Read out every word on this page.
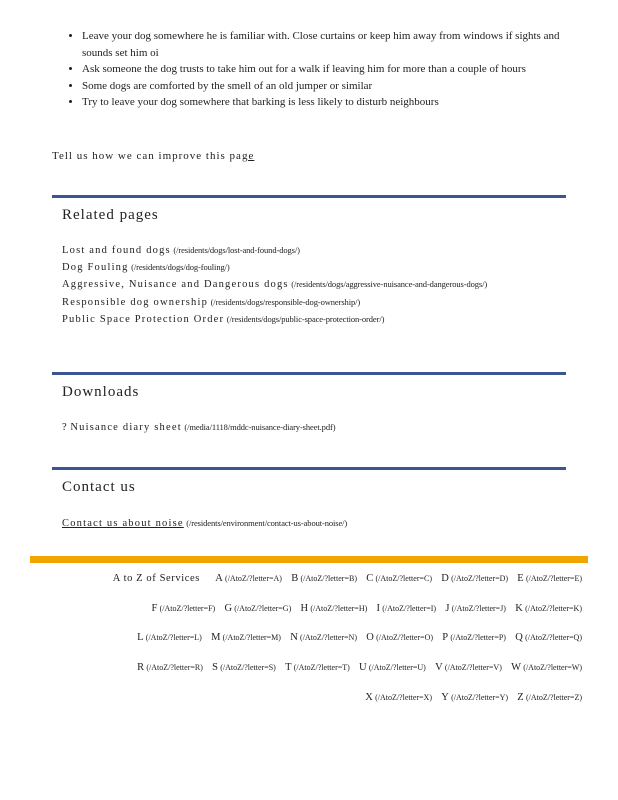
• Leave your dog somewhere he is familiar with. Close curtains or keep him away from windows if sights and sounds set him oi
• Ask someone the dog trusts to take him out for a walk if leaving him for more than a couple of hours
• Some dogs are comforted by the smell of an old jumper or similar
• Try to leave your dog somewhere that barking is less likely to disturb neighbours
Tell us how we can improve this page
Related pages
Lost and found dogs (/residents/dogs/lost-and-found-dogs/)
Dog Fouling (/residents/dogs/dog-fouling/)
Aggressive, Nuisance and Dangerous dogs (/residents/dogs/aggressive-nuisance-and-dangerous-dogs/)
Responsible dog ownership (/residents/dogs/responsible-dog-ownership/)
Public Space Protection Order (/residents/dogs/public-space-protection-order/)
Downloads
? Nuisance diary sheet (/media/1118/mddc-nuisance-diary-sheet.pdf)
Contact us
Contact us about noise (/residents/environment/contact-us-about-noise/)
A to Z of Services A (/AtoZ/?letter=A) B (/AtoZ/?letter=B) C (/AtoZ/?letter=C) D (/AtoZ/?letter=D) E (/AtoZ/?letter=E)
F (/AtoZ/?letter=F) G (/AtoZ/?letter=G) H (/AtoZ/?letter=H) I (/AtoZ/?letter=I) J (/AtoZ/?letter=J) K (/AtoZ/?letter=K)
L (/AtoZ/?letter=L) M (/AtoZ/?letter=M) N (/AtoZ/?letter=N) O (/AtoZ/?letter=O) P (/AtoZ/?letter=P) Q (/AtoZ/?letter=Q)
R (/AtoZ/?letter=R) S (/AtoZ/?letter=S) T (/AtoZ/?letter=T) U (/AtoZ/?letter=U) V (/AtoZ/?letter=V) W (/AtoZ/?letter=W)
X (/AtoZ/?letter=X) Y (/AtoZ/?letter=Y) Z (/AtoZ/?letter=Z)
